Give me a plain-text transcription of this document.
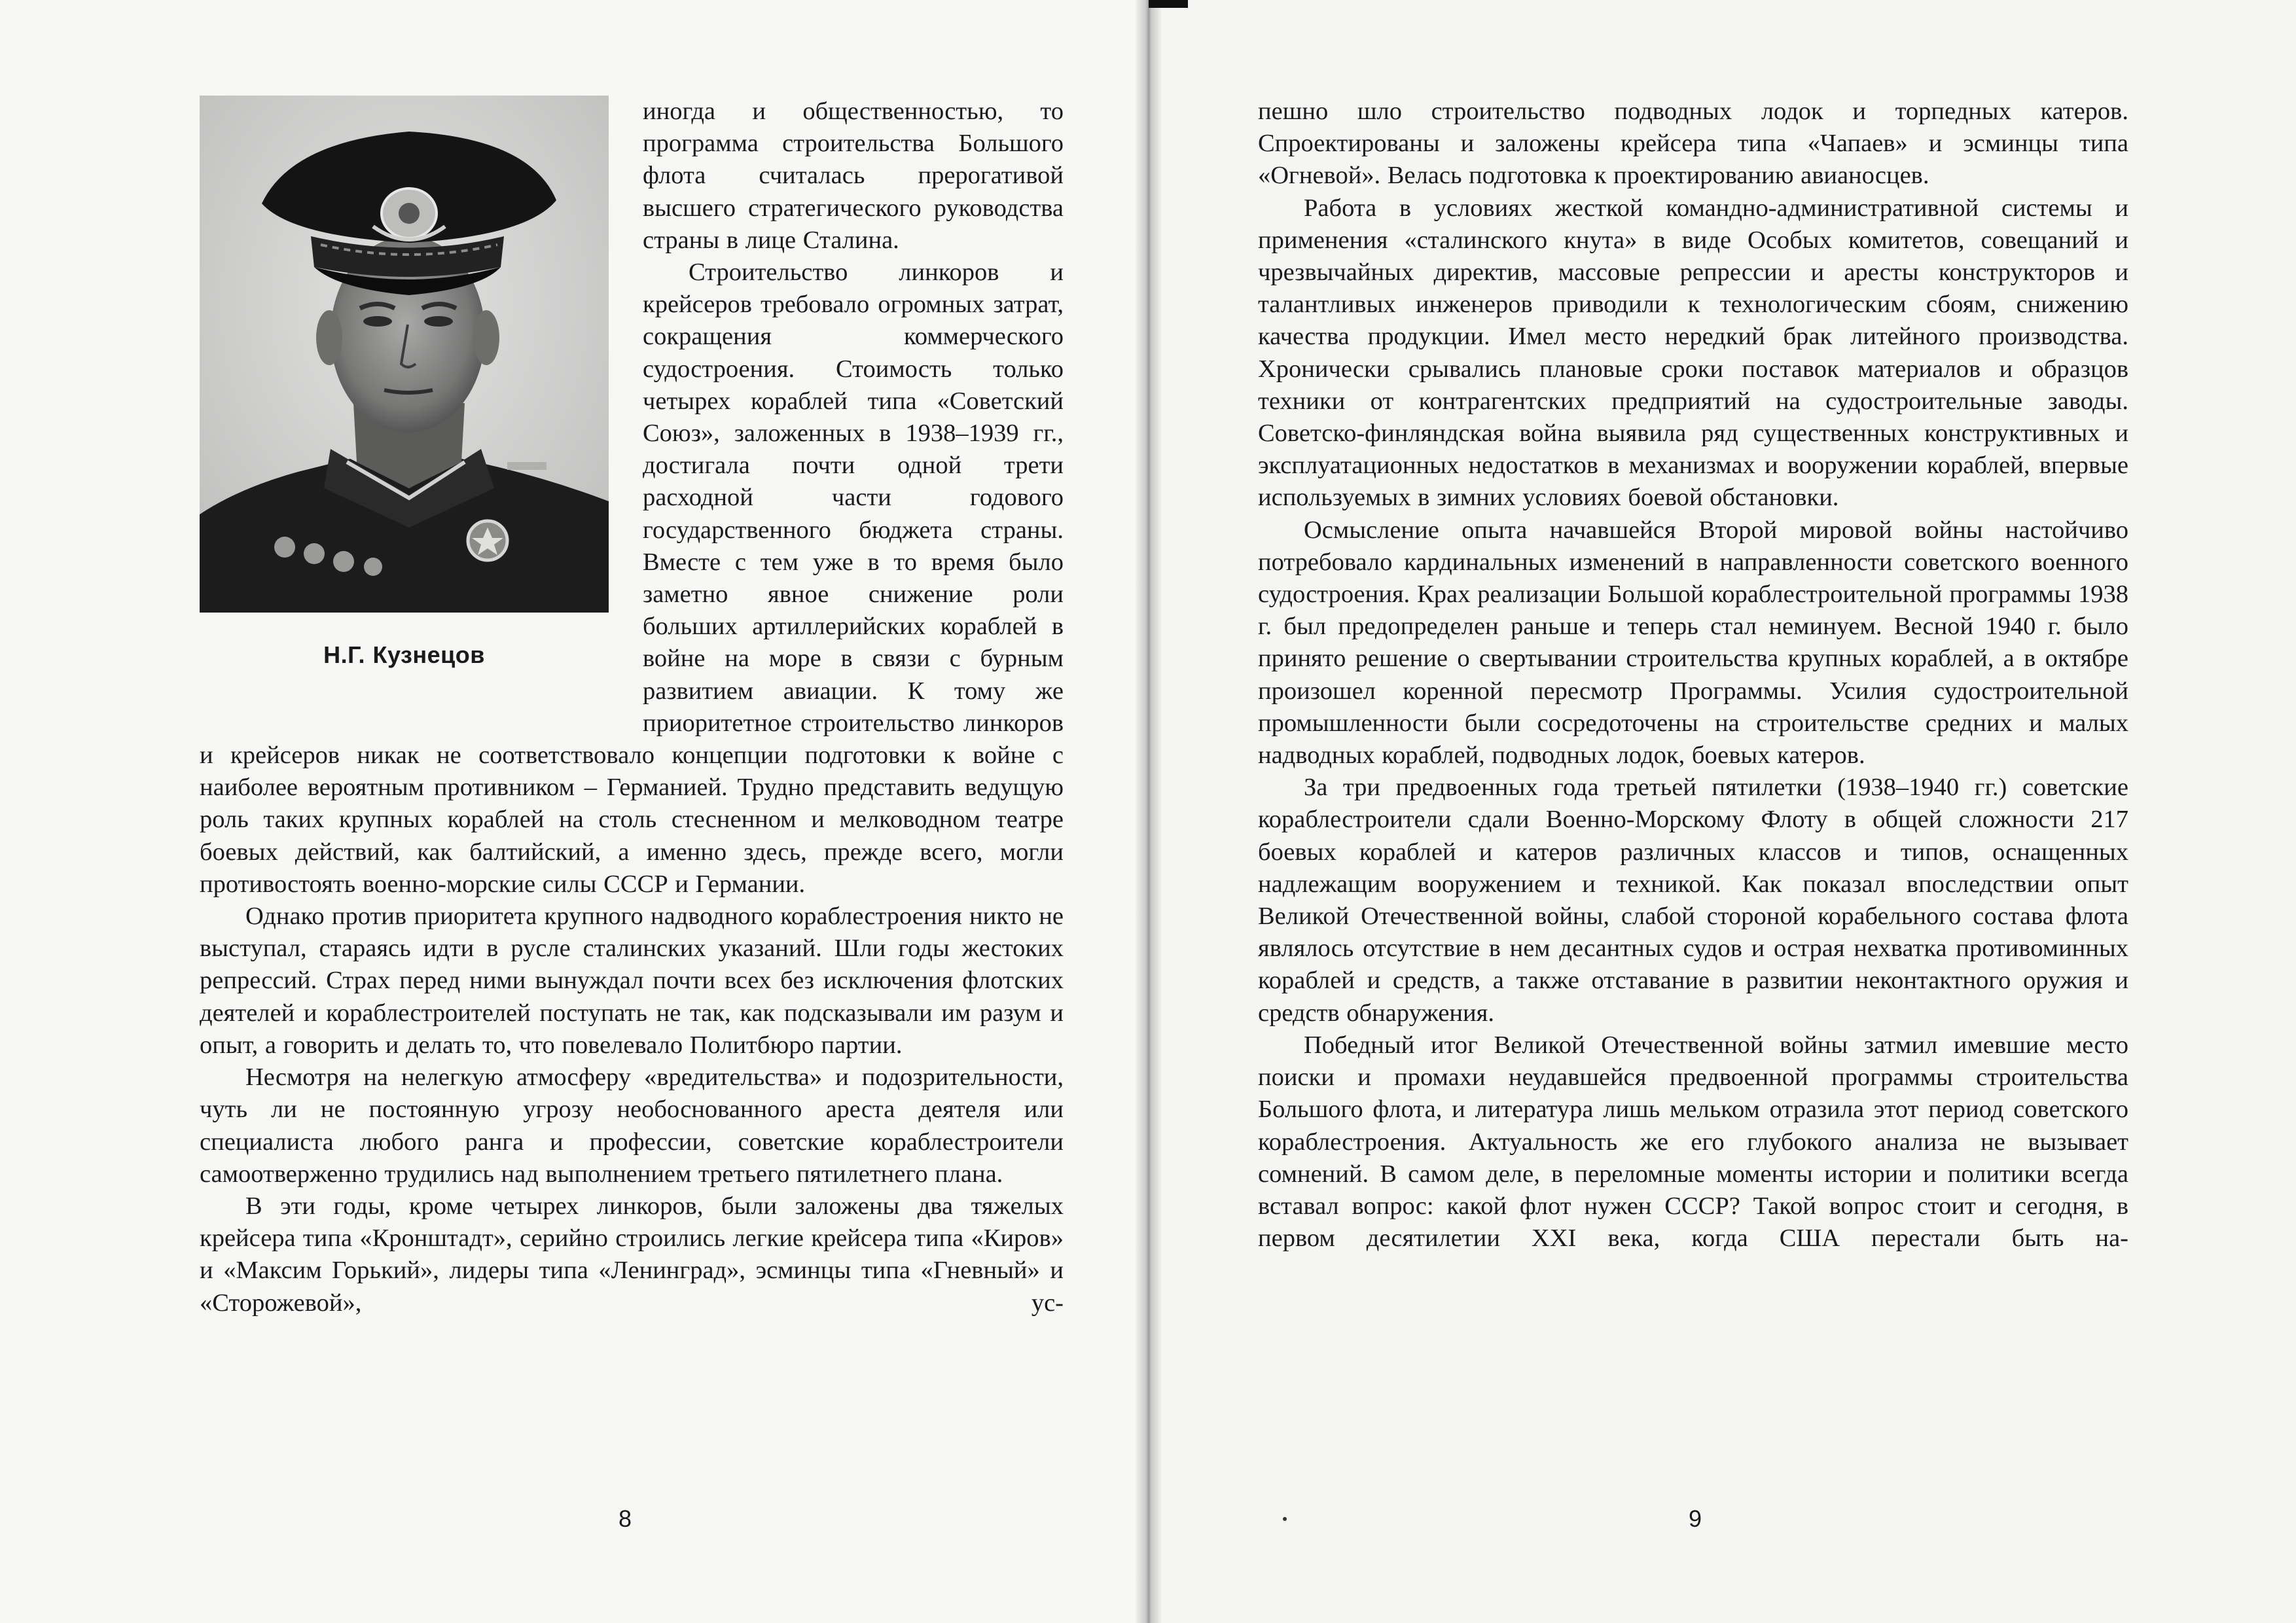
Н.Г. Кузнецов

иногда и общественностью, то программа строительства Большого флота считалась прерогативой высшего стратегического руководства страны в лице Сталина.

Строительство линкоров и крейсеров требовало огромных затрат, сокращения коммерческого судостроения. Стоимость только четырех кораблей типа «Советский Союз», заложенных в 1938–1939 гг., достигала почти одной трети расходной части годового государственного бюджета страны. Вместе с тем уже в то время было заметно явное снижение роли больших артиллерийских кораблей в войне на море в связи с бурным развитием авиации. К тому же приоритетное строительство линкоров и крейсеров никак не соответствовало концепции подготовки к войне с наиболее вероятным противником – Германией. Трудно представить ведущую роль таких крупных кораблей на столь стесненном и мелководном театре боевых действий, как балтийский, а именно здесь, прежде всего, могли противостоять военно-морские силы СССР и Германии.

Однако против приоритета крупного надводного кораблестроения никто не выступал, стараясь идти в русле сталинских указаний. Шли годы жестоких репрессий. Страх перед ними вынуждал почти всех без исключения флотских деятелей и кораблестроителей поступать не так, как подсказывали им разум и опыт, а говорить и делать то, что повелевало Политбюро партии.

Несмотря на нелегкую атмосферу «вредительства» и подозрительности, чуть ли не постоянную угрозу необоснованного ареста деятеля или специалиста любого ранга и профессии, советские кораблестроители самоотверженно трудились над выполнением третьего пятилетнего плана.

В эти годы, кроме четырех линкоров, были заложены два тяжелых крейсера типа «Кронштадт», серийно строились легкие крейсера типа «Киров» и «Максим Горький», лидеры типа «Ленинград», эсминцы типа «Гневный» и «Сторожевой», ус-

8

пешно шло строительство подводных лодок и торпедных катеров. Спроектированы и заложены крейсера типа «Чапаев» и эсминцы типа «Огневой». Велась подготовка к проектированию авианосцев.

Работа в условиях жесткой командно-административной системы и применения «сталинского кнута» в виде Особых комитетов, совещаний и чрезвычайных директив, массовые репрессии и аресты конструкторов и талантливых инженеров приводили к технологическим сбоям, снижению качества продукции. Имел место нередкий брак литейного производства. Хронически срывались плановые сроки поставок материалов и образцов техники от контрагентских предприятий на судостроительные заводы. Советско-финляндская война выявила ряд существенных конструктивных и эксплуатационных недостатков в механизмах и вооружении кораблей, впервые используемых в зимних условиях боевой обстановки.

Осмысление опыта начавшейся Второй мировой войны настойчиво потребовало кардинальных изменений в направленности советского военного судостроения. Крах реализации Большой кораблестроительной программы 1938 г. был предопределен раньше и теперь стал неминуем. Весной 1940 г. было принято решение о свертывании строительства крупных кораблей, а в октябре произошел коренной пересмотр Программы. Усилия судостроительной промышленности были сосредоточены на строительстве средних и малых надводных кораблей, подводных лодок, боевых катеров.

За три предвоенных года третьей пятилетки (1938–1940 гг.) советские кораблестроители сдали Военно-Морскому Флоту в общей сложности 217 боевых кораблей и катеров различных классов и типов, оснащенных надлежащим вооружением и техникой. Как показал впоследствии опыт Великой Отечественной войны, слабой стороной корабельного состава флота являлось отсутствие в нем десантных судов и острая нехватка противоминных кораблей и средств, а также отставание в развитии неконтактного оружия и средств обнаружения.

Победный итог Великой Отечественной войны затмил имевшие место поиски и промахи неудавшейся предвоенной программы строительства Большого флота, и литература лишь мельком отразила этот период советского кораблестроения. Актуальность же его глубокого анализа не вызывает сомнений. В самом деле, в переломные моменты истории и политики всегда вставал вопрос: какой флот нужен СССР? Такой вопрос стоит и сегодня, в первом десятилетии XXI века, когда США перестали быть на-

9
